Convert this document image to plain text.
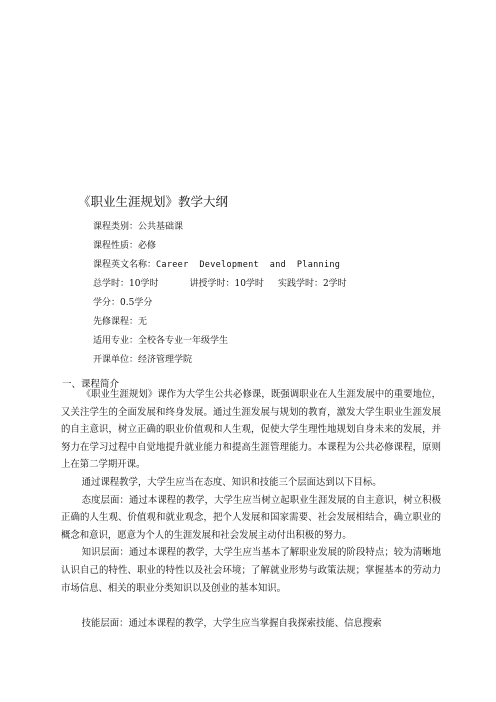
《职业生涯规划》教学大纲
课程类别：公共基础课
课程性质：必修
课程英文名称：Career  Development  and  Planning
总学时：10学时	讲授学时：10学时 实践学时：2学时
学分：0.5学分
先修课程：无
适用专业：全校各专业一年级学生
开课单位：经济管理学院
一、课程简介

《职业生涯规划》课作为大学生公共必修课，既强调职业在人生涯发展中的重要地位，又关注学生的全面发展和终身发展。通过生涯发展与规划的教育，激发大学生职业生涯发展的自主意识，树立正确的职业价值观和人生观，促使大学生理性地规划自身未来的发展，并努力在学习过程中自觉地提升就业能力和提高生涯管理能力。本课程为公共必修课程，原则上在第二学期开课。

通过课程教学，大学生应当在态度、知识和技能三个层面达到以下目标。

态度层面：通过本课程的教学，大学生应当树立起职业生涯发展的自主意识，树立积极正确的人生观、价值观和就业观念，把个人发展和国家需要、社会发展相结合，确立职业的概念和意识，愿意为个人的生涯发展和社会发展主动付出积极的努力。

知识层面：通过本课程的教学，大学生应当基本了解职业发展的阶段特点；较为清晰地认识自己的特性、职业的特性以及社会环境；了解就业形势与政策法规；掌握基本的劳动力市场信息、相关的职业分类知识以及创业的基本知识。

技能层面：通过本课程的教学，大学生应当掌握自我探索技能、信息搜索
